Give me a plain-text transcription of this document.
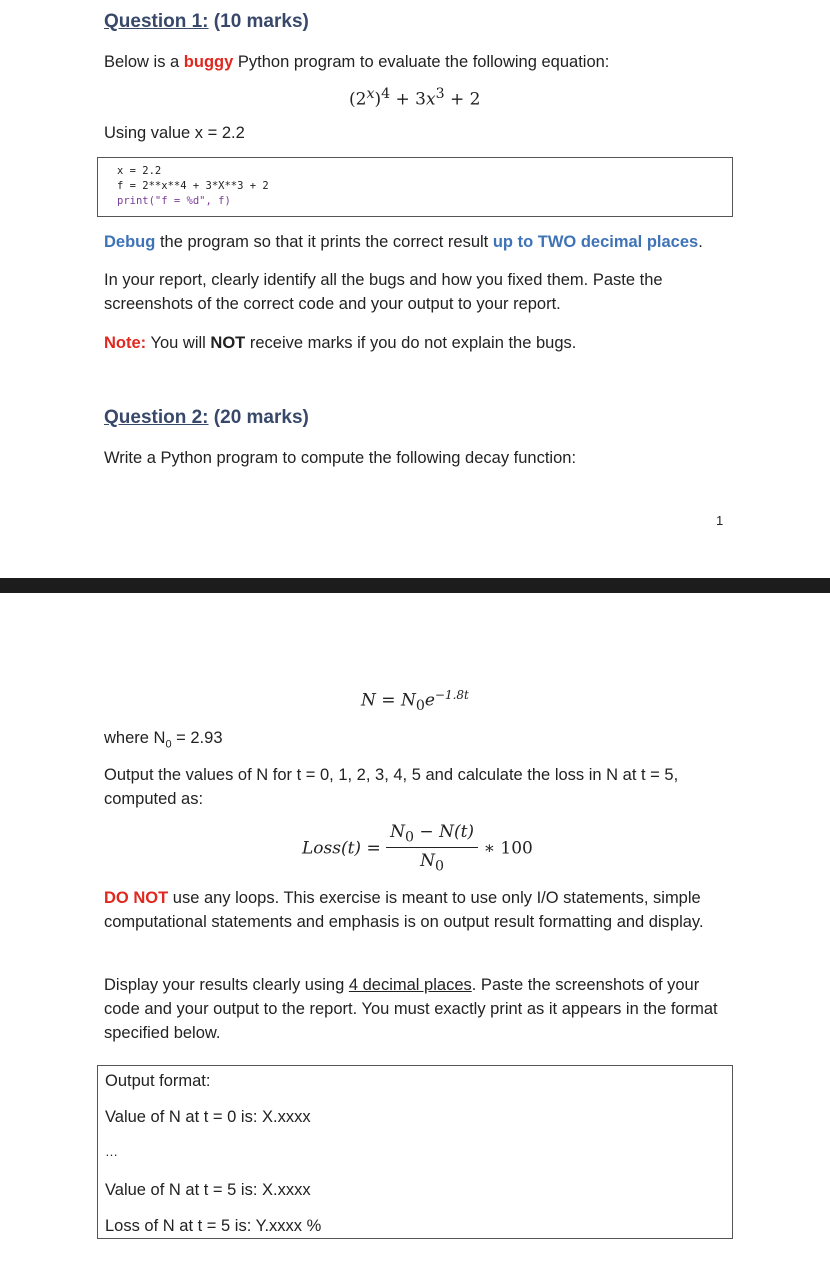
Question 1: (10 marks)
Below is a buggy Python program to evaluate the following equation:
$(2^x)^4 + 3x^3 + 2$
Using value x = 2.2
x = 2.2
f = 2**x**4 + 3*X**3 + 2
print("f = %d", f)
Debug the program so that it prints the correct result up to TWO decimal places.
In your report, clearly identify all the bugs and how you fixed them. Paste the screenshots of the correct code and your output to your report.
Note: You will NOT receive marks if you do not explain the bugs.
Question 2: (20 marks)
Write a Python program to compute the following decay function:
1
$N = N_0e^{-1.8t}$
where $N_0 = 2.93$
Output the values of N for t = 0, 1, 2, 3, 4, 5 and calculate the loss in N at t = 5, computed as:
Loss(t) = $\frac{N_0 - N(t)}{N_0}$ ∗ 100
DO NOT use any loops. This exercise is meant to use only I/O statements, simple computational statements and emphasis is on output result formatting and display.
Display your results clearly using 4 decimal places. Paste the screenshots of your code and your output to the report. You must exactly print as it appears in the format specified below.
Output format:
Value of N at t = 0 is: X.xxxx
…
Value of N at t = 5 is: X.xxxx
Loss of N at t = 5 is: Y.xxxx %
